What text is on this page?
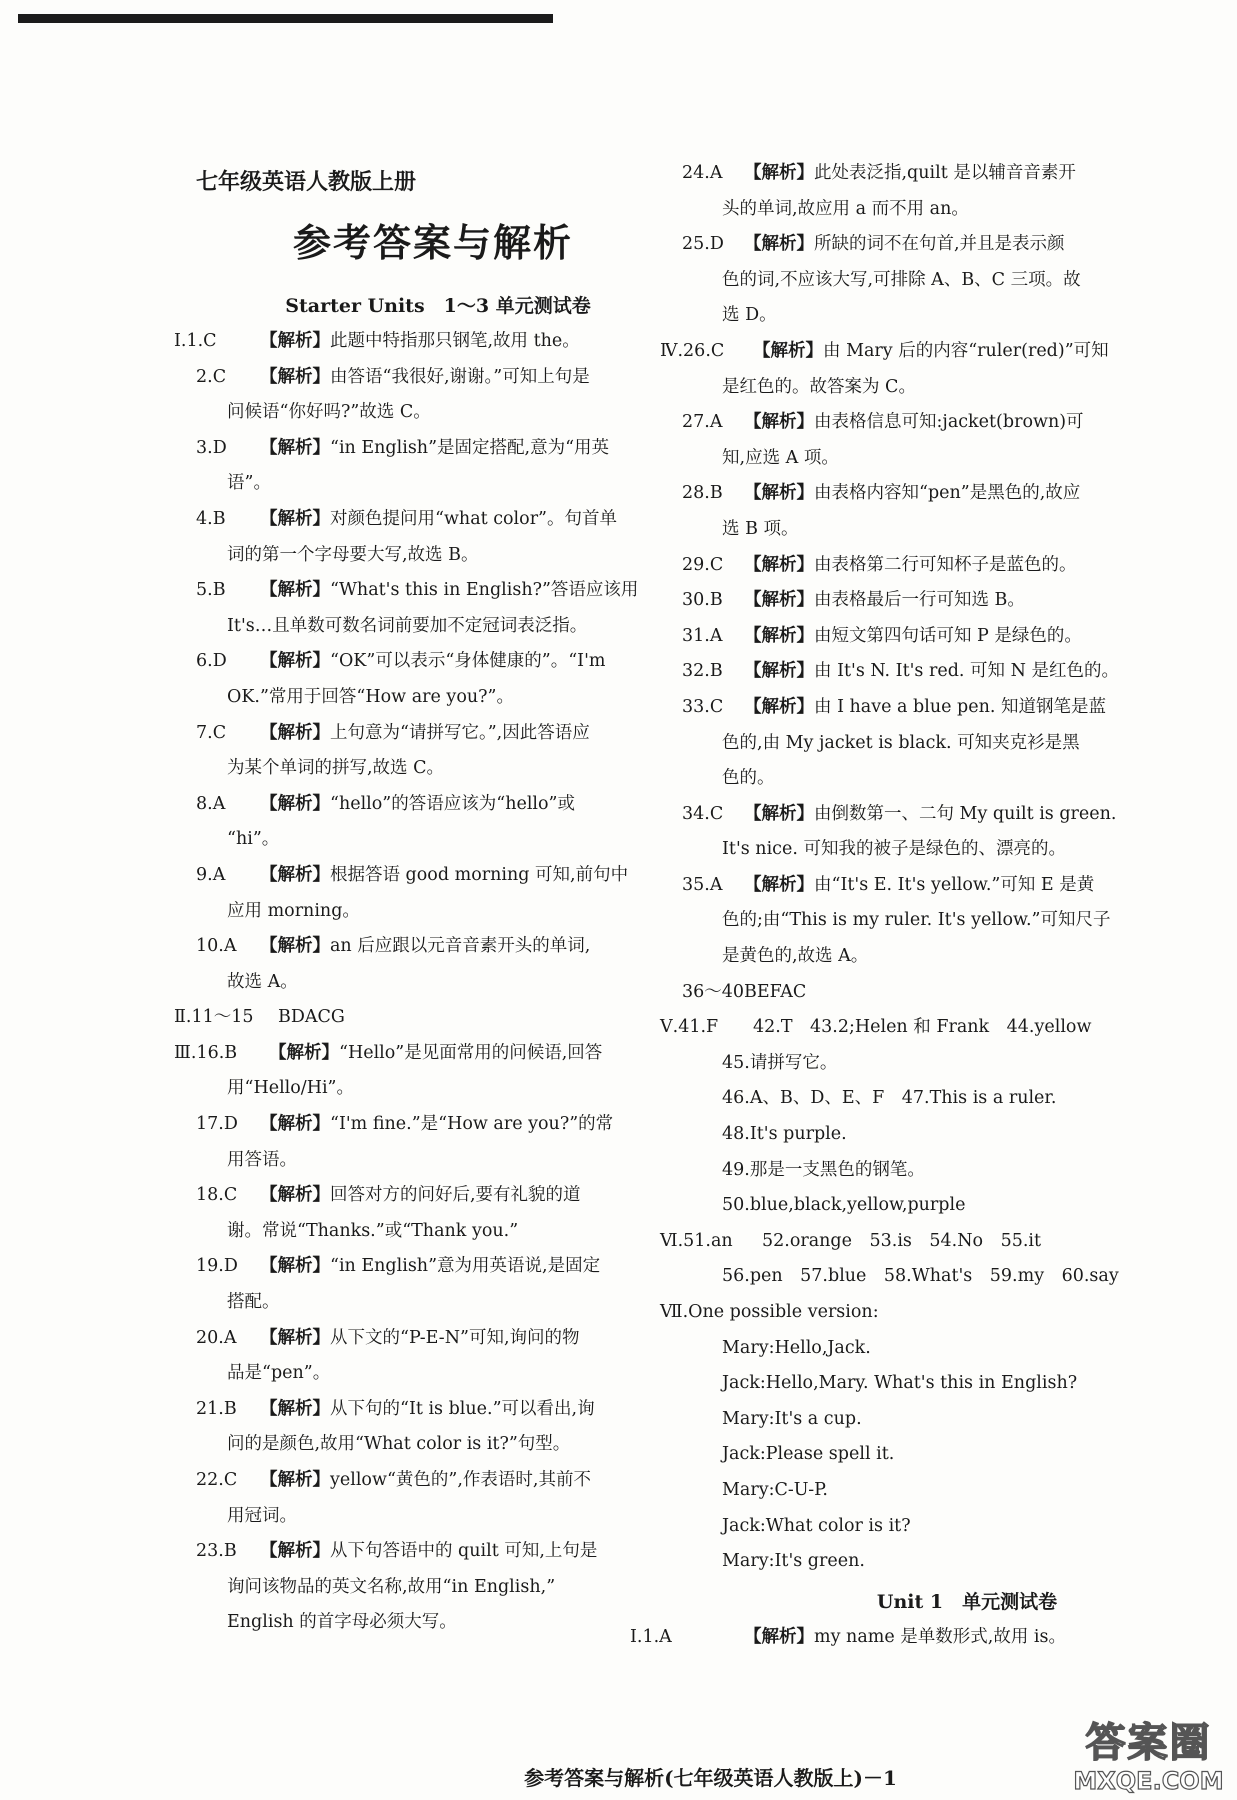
七年级英语人教版上册
参考答案与解析
Starter Units　1～3 单元测试卷
Ⅰ.1.C	【解析】此题中特指那只钢笔,故用 the。
2.C	【解析】由答语“我很好,谢谢。”可知上句是
问候语“你好吗?”故选 C。
3.D	【解析】“in English”是固定搭配,意为“用英
语”。
4.B	【解析】对颜色提问用“what color”。句首单
词的第一个字母要大写,故选 B。
5.B	【解析】“What's this in English?”答语应该用
It's…且单数可数名词前要加不定冠词表泛指。
6.D	【解析】“OK”可以表示“身体健康的”。“I'm
OK.”常用于回答“How are you?”。
7.C	【解析】上句意为“请拼写它。”,因此答语应
为某个单词的拼写,故选 C。
8.A	【解析】“hello”的答语应该为“hello”或
“hi”。
9.A	【解析】根据答语 good morning 可知,前句中
应用 morning。
10.A	【解析】an 后应跟以元音音素开头的单词,
故选 A。
Ⅱ.11～15	BDACG
Ⅲ.16.B	【解析】“Hello”是见面常用的问候语,回答
用“Hello/Hi”。
17.D	【解析】“I'm fine.”是“How are you?”的常
用答语。
18.C	【解析】回答对方的问好后,要有礼貌的道
谢。常说“Thanks.”或“Thank you.”
19.D	【解析】“in English”意为用英语说,是固定
搭配。
20.A	【解析】从下文的“P-E-N”可知,询问的物
品是“pen”。
21.B	【解析】从下句的“It is blue.”可以看出,询
问的是颜色,故用“What color is it?”句型。
22.C	【解析】yellow“黄色的”,作表语时,其前不
用冠词。
23.B	【解析】从下句答语中的 quilt 可知,上句是
询问该物品的英文名称,故用“in English,”
English 的首字母必须大写。
24.A	【解析】此处表泛指,quilt 是以辅音音素开
头的单词,故应用 a 而不用 an。
25.D	【解析】所缺的词不在句首,并且是表示颜
色的词,不应该大写,可排除 A、B、C 三项。故
选 D。
Ⅳ.26.C	【解析】由 Mary 后的内容“ruler(red)”可知
是红色的。故答案为 C。
27.A	【解析】由表格信息可知:jacket(brown)可
知,应选 A 项。
28.B	【解析】由表格内容知“pen”是黑色的,故应
选 B 项。
29.C	【解析】由表格第二行可知杯子是蓝色的。
30.B	【解析】由表格最后一行可知选 B。
31.A	【解析】由短文第四句话可知 P 是绿色的。
32.B	【解析】由 It's N. It's red. 可知 N 是红色的。
33.C	【解析】由 I have a blue pen. 知道钢笔是蓝
色的,由 My jacket is black. 可知夹克衫是黑
色的。
34.C	【解析】由倒数第一、二句 My quilt is green.
It's nice. 可知我的被子是绿色的、漂亮的。
35.A	【解析】由“It's E. It's yellow.”可知 E 是黄
色的;由“This is my ruler. It's yellow.”可知尺子
是黄色的,故选 A。
36～40 BEFAC
Ⅴ.41.F	42.T　43.2;Helen 和 Frank　44.yellow
45.请拼写它。
46.A、B、D、E、F　47.This is a ruler.
48.It's purple.
49.那是一支黑色的钢笔。
50.blue,black,yellow,purple
Ⅵ.51.an	52.orange　53.is　54.No　55.it
56.pen　57.blue　58.What's　59.my　60.say
Ⅶ.One possible version:
Mary:Hello,Jack.
Jack:Hello,Mary. What's this in English?
Mary:It's a cup.
Jack:Please spell it.
Mary:C-U-P.
Jack:What color is it?
Mary:It's green.
Unit 1　单元测试卷
Ⅰ.1.A	【解析】my name 是单数形式,故用 is。
参考答案与解析(七年级英语人教版上)－1
答案圈
MXQE.COM
